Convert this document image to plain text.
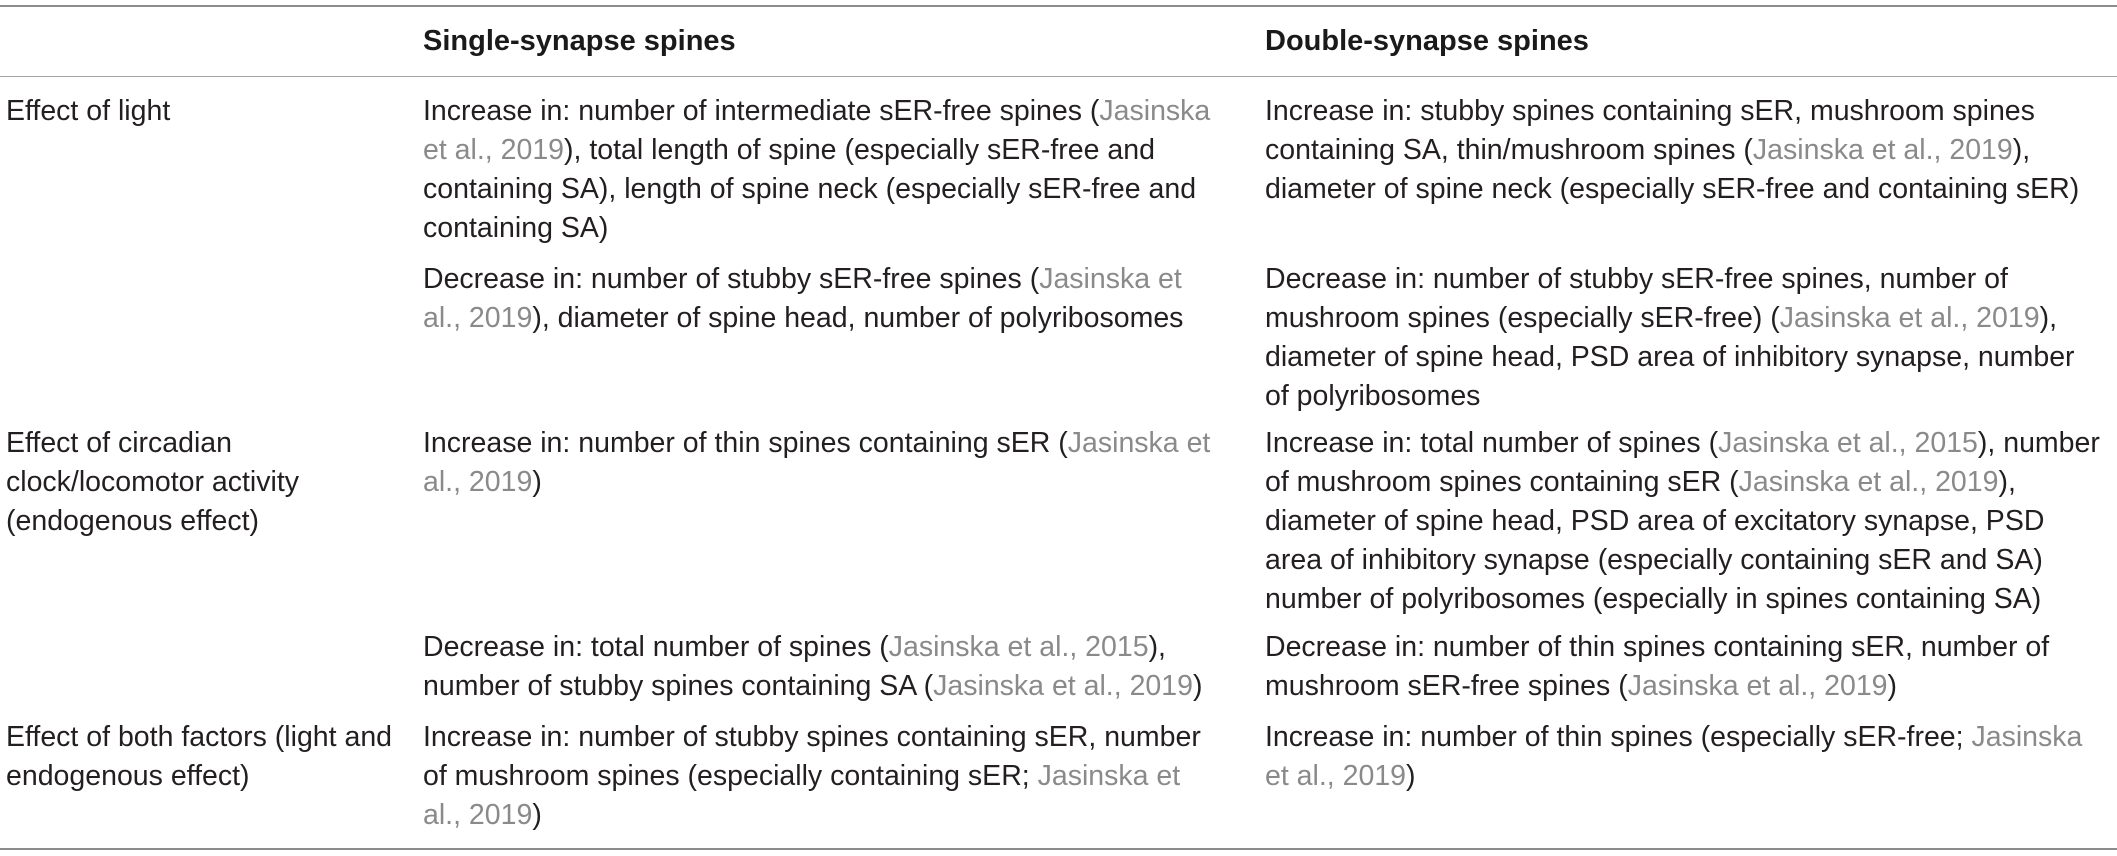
Single-synapse spines	Double-synapse spines
Effect of light	Increase in: number of intermediate sER-free spines (Jasinska et al., 2019), total length of spine (especially sER-free and containing SA), length of spine neck (especially sER-free and containing SA)
Increase in: stubby spines containing sER, mushroom spines containing SA, thin/mushroom spines (Jasinska et al., 2019), diameter of spine neck (especially sER-free and containing sER)
Decrease in: number of stubby sER-free spines (Jasinska et al., 2019), diameter of spine head, number of polyribosomes
Decrease in: number of stubby sER-free spines, number of mushroom spines (especially sER-free) (Jasinska et al., 2019), diameter of spine head, PSD area of inhibitory synapse, number of polyribosomes
Effect of circadian clock/locomotor activity (endogenous effect)
Increase in: number of thin spines containing sER (Jasinska et al., 2019)
Increase in: total number of spines (Jasinska et al., 2015), number of mushroom spines containing sER (Jasinska et al., 2019), diameter of spine head, PSD area of excitatory synapse, PSD area of inhibitory synapse (especially containing sER and SA) number of polyribosomes (especially in spines containing SA)
Decrease in: total number of spines (Jasinska et al., 2015), number of stubby spines containing SA (Jasinska et al., 2019)
Decrease in: number of thin spines containing sER, number of mushroom sER-free spines (Jasinska et al., 2019)
Effect of both factors (light and endogenous effect)
Increase in: number of stubby spines containing sER, number of mushroom spines (especially containing sER; Jasinska et al., 2019)
Increase in: number of thin spines (especially sER-free; Jasinska et al., 2019)
